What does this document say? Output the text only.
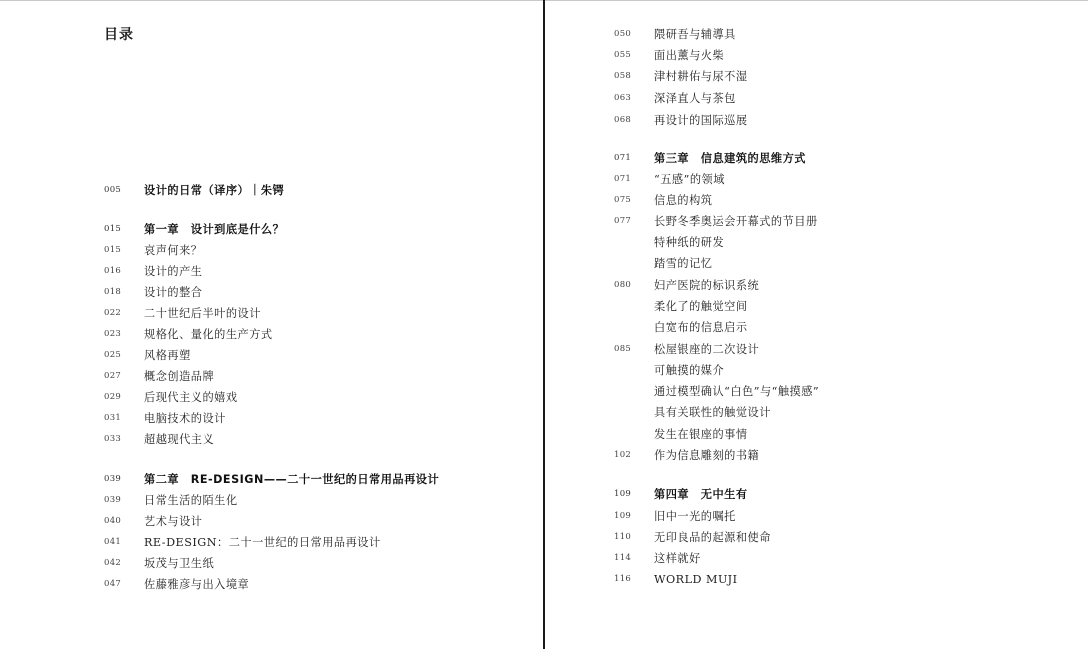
目录
005	设计的日常（译序）｜朱锷
015	第一章　设计到底是什么？
015	哀声何来？
016	设计的产生
018	设计的整合
022	二十世纪后半叶的设计
023	规格化、量化的生产方式
025	风格再塑
027	概念创造品牌
029	后现代主义的嬉戏
031	电脑技术的设计
033	超越现代主义
039	第二章　RE-DESIGN——二十一世纪的日常用品再设计
039	日常生活的陌生化
040	艺术与设计
041	RE-DESIGN：二十一世纪的日常用品再设计
042	坂茂与卫生纸
047	佐藤雅彦与出入境章
050	隈研吾与辅導具
055	面出薰与火柴
058	津村耕佑与尿不湿
063	深泽直人与茶包
068	再设计的国际巡展
071	第三章　信息建筑的思维方式
071	“五感”的领域
075	信息的构筑
077	长野冬季奥运会开幕式的节目册
特种纸的研发
踏雪的记忆
080	妇产医院的标识系统
柔化了的触觉空间
白宽布的信息启示
085	松屋银座的二次设计
可触摸的媒介
通过模型确认“白色”与“触摸感”
具有关联性的触觉设计
发生在银座的事情
102	作为信息雕刻的书籍
109	第四章　无中生有
109	旧中一光的嘱托
110	无印良品的起源和使命
114	这样就好
116	WORLD MUJI
